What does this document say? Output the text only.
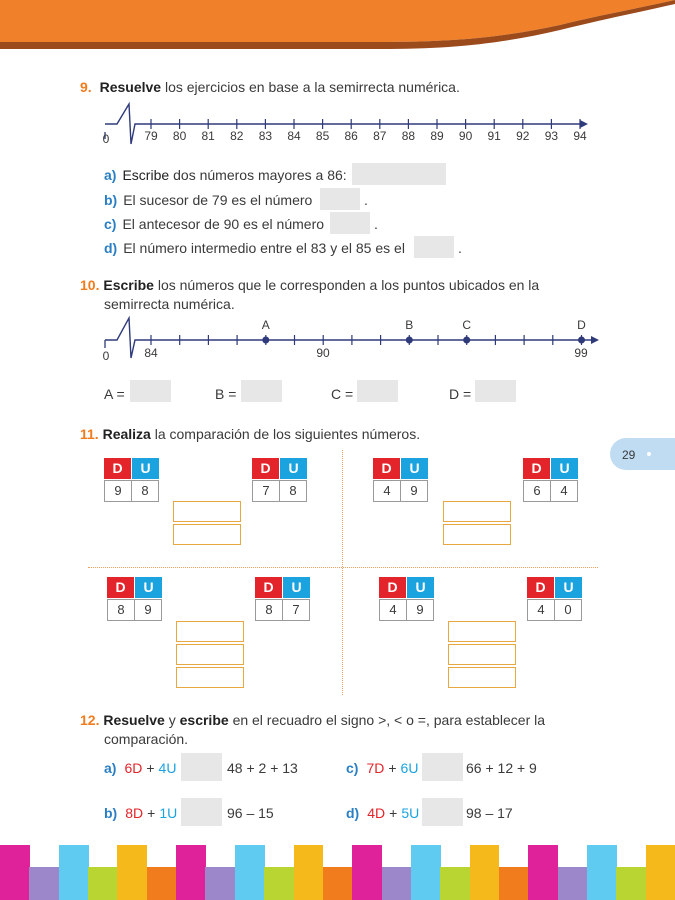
29
9. Resuelve los ejercicios en base a la semirrecta numérica.
0	79	80	81	82	83	84	85	86	87	88	89	90	91	92	93	94
a) Escribe dos números mayores a 86:
b) El sucesor de 79 es el número	.
c) El antecesor de 90 es el número	.
d) El número intermedio entre el 83 y el 85 es el	.
10. Escribe los números que le corresponden a los puntos ubicados en la
semirrecta numérica.
0	84	90	99
A	B	C	D
A =	B =	C =	D =
11. Realiza la comparación de los siguientes números.
D	U
9	8
D	U
7	8
D	U
4	9
D	U
6	4
D	U
8	9
D	U
8	7
D	U
4	9
D	U
4	0
12. Resuelve y escribe en el recuadro el signo >, < o =, para establecer la
comparación.
a) 6D + 4U	48 + 2 + 13	c) 7D + 6U	66 + 12 + 9
b) 8D + 1U	96 – 15	d) 4D + 5U	98 – 17
